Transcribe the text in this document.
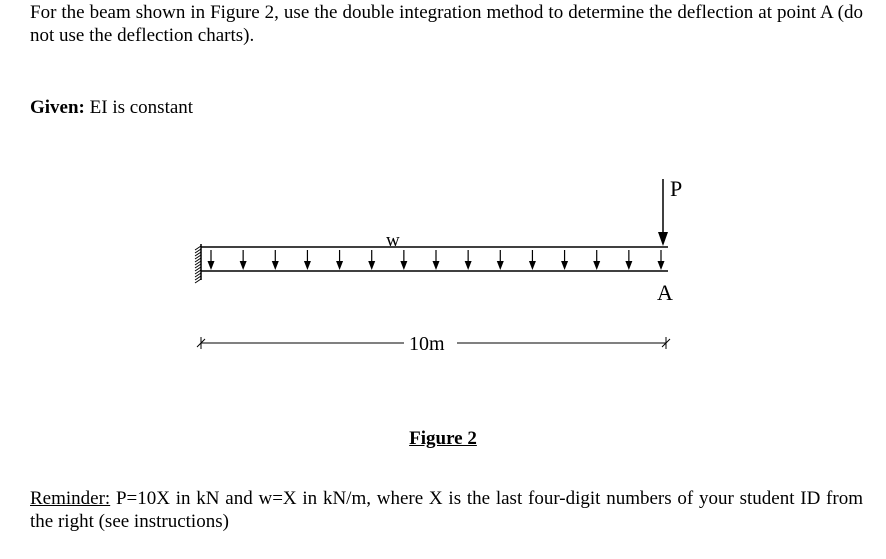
For the beam shown in Figure 2, use the double integration method to determine the deflection at point A (do not use the deflection charts).
Given: EI is constant
w
P
A
10m
Figure 2
Reminder: P=10X in kN and w=X in kN/m, where X is the last four-digit numbers of your student ID from the right (see instructions)
